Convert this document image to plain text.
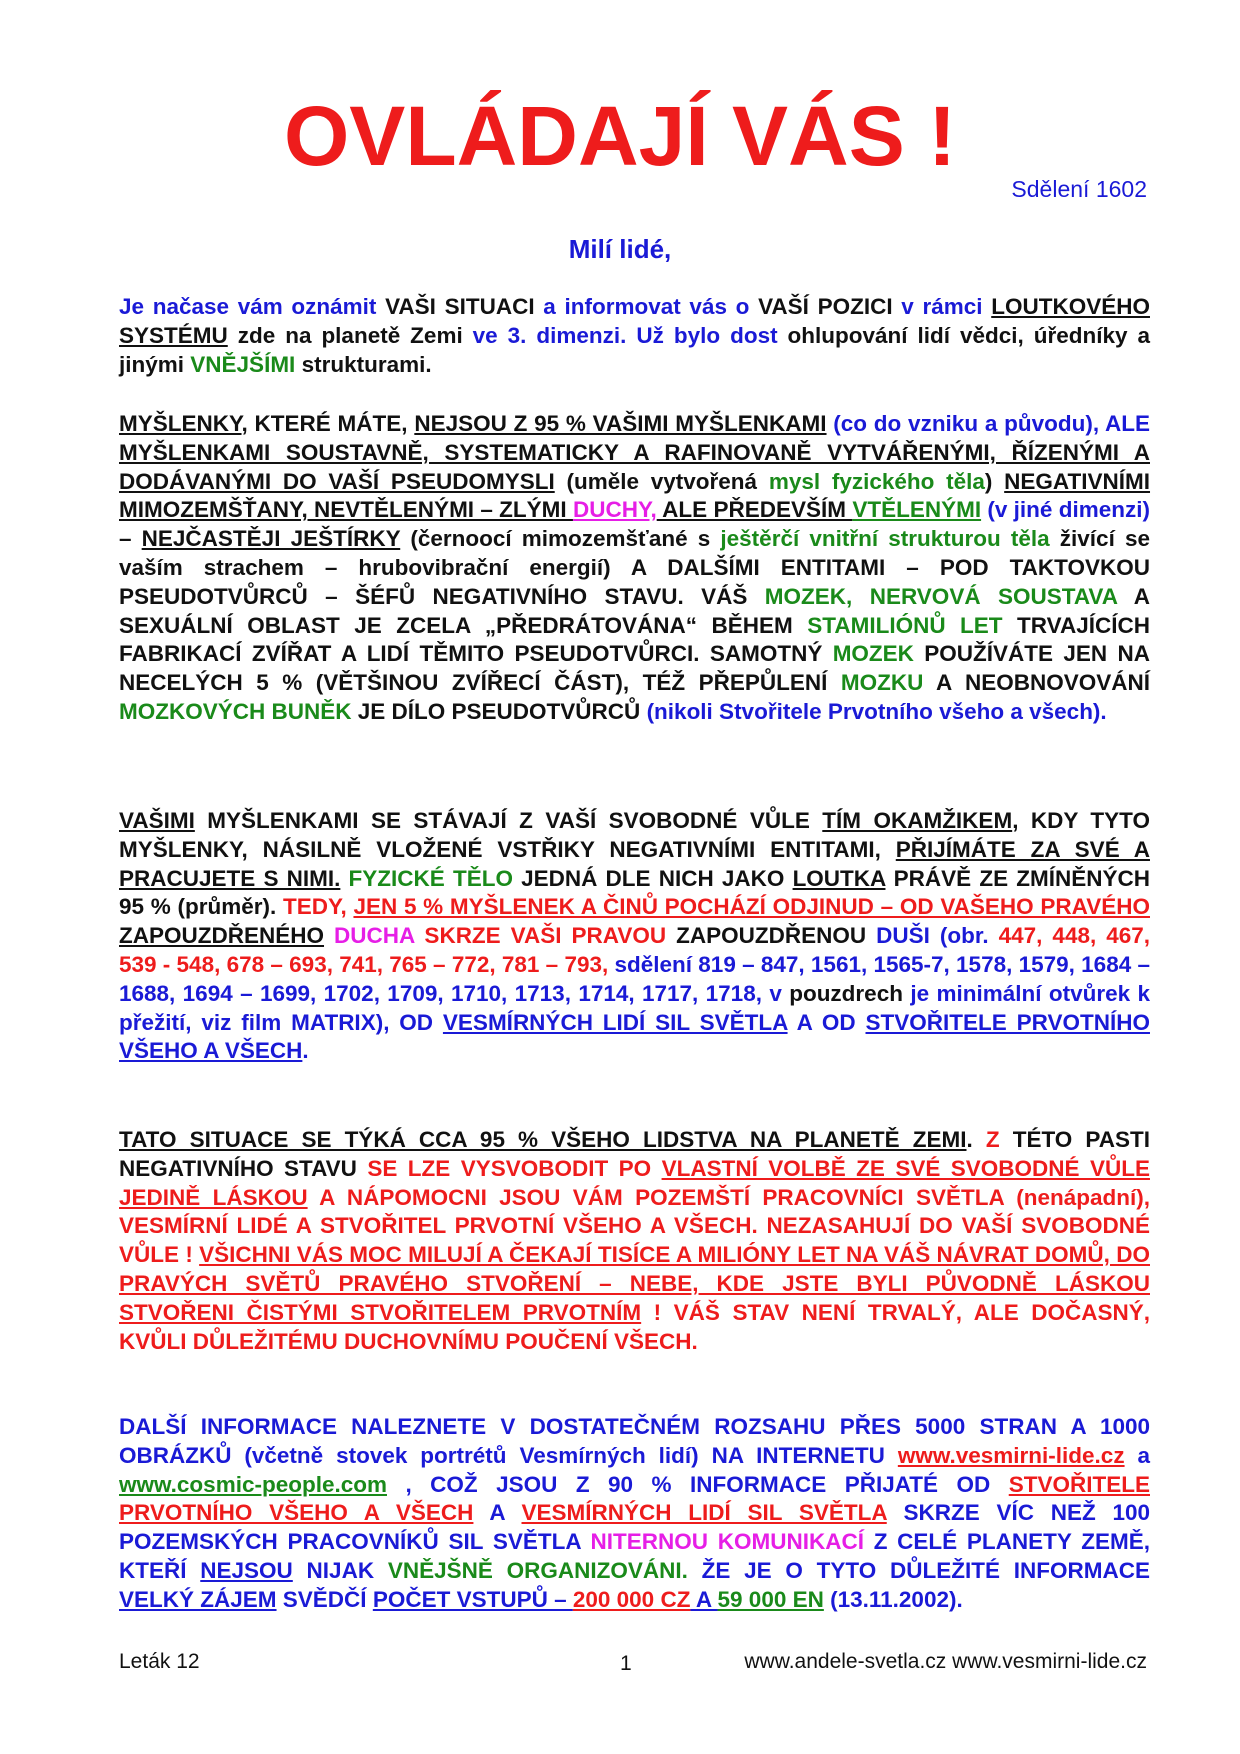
OVLÁDAJÍ VÁS !
Sdělení 1602
Milí lidé,

Je načase vám oznámit VAŠI SITUACI a informovat vás o VAŠÍ POZICI v rámci LOUTKOVÉHO SYSTÉMU zde na planetě Zemi ve 3. dimenzi. Už bylo dost ohlupování lidí vědci, úředníky a jinými VNĚJŠÍMI strukturami.

MYŠLENKY, KTERÉ MÁTE, NEJSOU Z 95 % VAŠIMI MYŠLENKAMI (co do vzniku a původu), ALE MYŠLENKAMI SOUSTAVNĚ, SYSTEMATICKY A RAFINOVANĚ VYTVÁŘENÝMI, ŘÍZENÝMI A DODÁVANÝMI DO VAŠÍ PSEUDOMYSLI (uměle vytvořená mysl fyzického těla) NEGATIVNÍMI MIMOZEMŠŤANY, NEVTĚLENÝMI – ZLÝMI DUCHY, ALE PŘEDEVŠÍM VTĚLENÝMI (v jiné dimenzi) – NEJČASTĚJI JEŠTÍRKY (černoocí mimozemšťané s ještěrčí vnitřní strukturou těla živící se vaším strachem – hrubovibrační energií) A DALŠÍMI ENTITAMI – POD TAKTOVKOU PSEUDOTVŮRCŮ – ŠÉFŮ NEGATIVNÍHO STAVU. VÁŠ MOZEK, NERVOVÁ SOUSTAVA A SEXUÁLNÍ OBLAST JE ZCELA „PŘEDRÁTOVÁNA“ BĚHEM STAMILIÓNŮ LET TRVAJÍCÍCH FABRIKACÍ ZVÍŘAT A LIDÍ TĚMITO PSEUDOTVŮRCI. SAMOTNÝ MOZEK POUŽÍVÁTE JEN NA NECELÝCH 5 % (VĚTŠINOU ZVÍŘECÍ ČÁST), TÉŽ PŘEPŮLENÍ MOZKU A NEOBNOVOVÁNÍ MOZKOVÝCH BUNĚK JE DÍLO PSEUDOTVŮRCŮ (nikoli Stvořitele Prvotního všeho a všech).

VAŠIMI MYŠLENKAMI SE STÁVAJÍ Z VAŠÍ SVOBODNÉ VŮLE TÍM OKAMŽIKEM, KDY TYTO MYŠLENKY, NÁSILNĚ VLOŽENÉ VSTŘIKY NEGATIVNÍMI ENTITAMI, PŘIJÍMÁTE ZA SVÉ A PRACUJETE S NIMI. FYZICKÉ TĚLO JEDNÁ DLE NICH JAKO LOUTKA PRÁVĚ ZE ZMÍNĚNÝCH 95 % (průměr). TEDY, JEN 5 % MYŠLENEK A ČINŮ POCHÁZÍ ODJINUD – OD VAŠEHO PRAVÉHO ZAPOUZDŘENÉHO DUCHA SKRZE VAŠI PRAVOU ZAPOUZDŘENOU DUŠI (obr. 447, 448, 467, 539 - 548, 678 – 693, 741, 765 – 772, 781 – 793, sdělení 819 – 847, 1561, 1565-7, 1578, 1579, 1684 – 1688, 1694 – 1699, 1702, 1709, 1710, 1713, 1714, 1717, 1718, v pouzdrech je minimální otvůrek k přežití, viz film MATRIX), OD VESMÍRNÝCH LIDÍ SIL SVĚTLA A OD STVOŘITELE PRVOTNÍHO VŠEHO A VŠECH.

TATO SITUACE SE TÝKÁ CCA 95 % VŠEHO LIDSTVA NA PLANETĚ ZEMI. Z TÉTO PASTI NEGATIVNÍHO STAVU SE LZE VYSVOBODIT PO VLASTNÍ VOLBĚ ZE SVÉ SVOBODNÉ VŮLE JEDINĚ LÁSKOU A NÁPOMOCNI JSOU VÁM POZEMŠTÍ PRACOVNÍCI SVĚTLA (nenápadní), VESMÍRNÍ LIDÉ A STVOŘITEL PRVOTNÍ VŠEHO A VŠECH. NEZASAHUJÍ DO VAŠÍ SVOBODNÉ VŮLE ! VŠICHNI VÁS MOC MILUJÍ A ČEKAJÍ TISÍCE A MILIÓNY LET NA VÁŠ NÁVRAT DOMŮ, DO PRAVÝCH SVĚTŮ PRAVÉHO STVOŘENÍ – NEBE, KDE JSTE BYLI PŮVODNĚ LÁSKOU STVOŘENI ČISTÝMI STVOŘITELEM PRVOTNÍM ! VÁŠ STAV NENÍ TRVALÝ, ALE DOČASNÝ, KVŮLI DŮLEŽITÉMU DUCHOVNÍMU POUČENÍ VŠECH.

DALŠÍ INFORMACE NALEZNETE V DOSTATEČNÉM ROZSAHU PŘES 5000 STRAN A 1000 OBRÁZKŮ (včetně stovek portrétů Vesmírných lidí) NA INTERNETU www.vesmirni-lide.cz a www.cosmic-people.com , COŽ JSOU Z 90 % INFORMACE PŘIJATÉ OD STVOŘITELE PRVOTNÍHO VŠEHO A VŠECH A VESMÍRNÝCH LIDÍ SIL SVĚTLA SKRZE VÍC NEŽ 100 POZEMSKÝCH PRACOVNÍKŮ SIL SVĚTLA NITERNOU KOMUNIKACÍ Z CELÉ PLANETY ZEMĚ, KTEŘÍ NEJSOU NIJAK VNĚJŠNĚ ORGANIZOVÁNI. ŽE JE O TYTO DŮLEŽITÉ INFORMACE VELKÝ ZÁJEM SVĚDČÍ POČET VSTUPŮ – 200 000 CZ A 59 000 EN (13.11.2002).

Leták 12	1	www.andele-svetla.cz www.vesmirni-lide.cz
